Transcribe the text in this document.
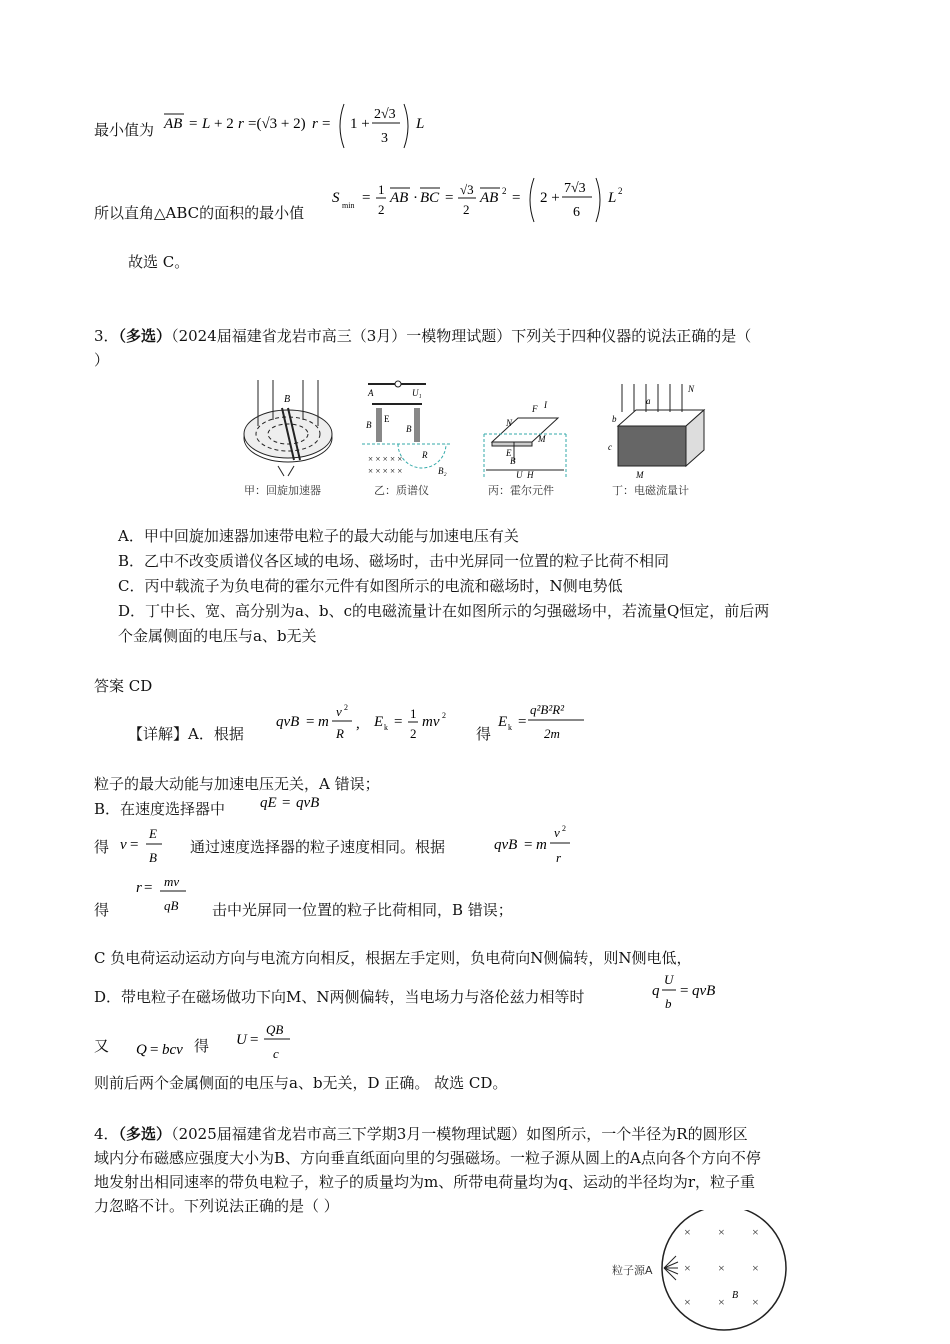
最小值为 AB = L + 2 r =(√3 + 2) r = 1 +
2√3
3
L
所以直角△ABC的面积的最小值
S min =
1
2
AB · BC =
√3
2
AB 2 = 2 +
7√3
6
L 2
故选 C。
3．（多选）（2024届福建省龙岩市高三（3月）一模物理试题）下列关于四种仪器的说法正确的是（
）
B
甲：回旋加速器
A	U₁
E
B
B
R
× × × × ×
× × × × ×	B₂
乙：质谱仪
N
M
F I
E
B
U_H
丙：霍尔元件
N
a
b
c
M
丁：电磁流量计
A．甲中回旋加速器加速带电粒子的最大动能与加速电压有关
B．乙中不改变质谱仪各区域的电场、磁场时，击中光屏同一位置的粒子比荷不相同
C．丙中载流子为负电荷的霍尔元件有如图所示的电流和磁场时，N侧电势低
D．丁中长、宽、高分别为a、b、c的电磁流量计在如图所示的匀强磁场中，若流量Q恒定，前后两
个金属侧面的电压与a、b无关
答案 CD
【详解】A．根据
qvB = m
v 2
R
, E k =
1
2
mv 2	E k =
q²B²R²
2m
得
粒子的最大动能与加速电压无关，A 错误；
B．在速度选择器中 qE = qvB
得 v =
E
B
通过速度选择器的粒子速度相同。根据	qvB = m
v 2
r
得
r = mv
qB 击中光屏同一位置的粒子比荷相同，B 错误；
C 负电荷运动运动方向与电流方向相反，根据左手定则，负电荷向N侧偏转，则N侧电低，
D．带电粒子在磁场做功下向M、N两侧偏转，当电场力与洛伦兹力相等时	q
U
b
= qvB
又 Q = bcv 得 U =
QB
c
则前后两个金属侧面的电压与a、b无关，D 正确。 故选 CD。
4．（多选）（2025届福建省龙岩市高三下学期3月一模物理试题）如图所示，一个半径为R的圆形区
域内分布磁感应强度大小为B、方向垂直纸面向里的匀强磁场。一粒子源从圆上的A点向各个方向不停
地发射出相同速率的带负电粒子，粒子的质量均为m、所带电荷量均为q、运动的半径均为r，粒子重
力忽略不计。下列说法正确的是（ ）
× × ×
× × ×
× × ×
B
粒子源A
